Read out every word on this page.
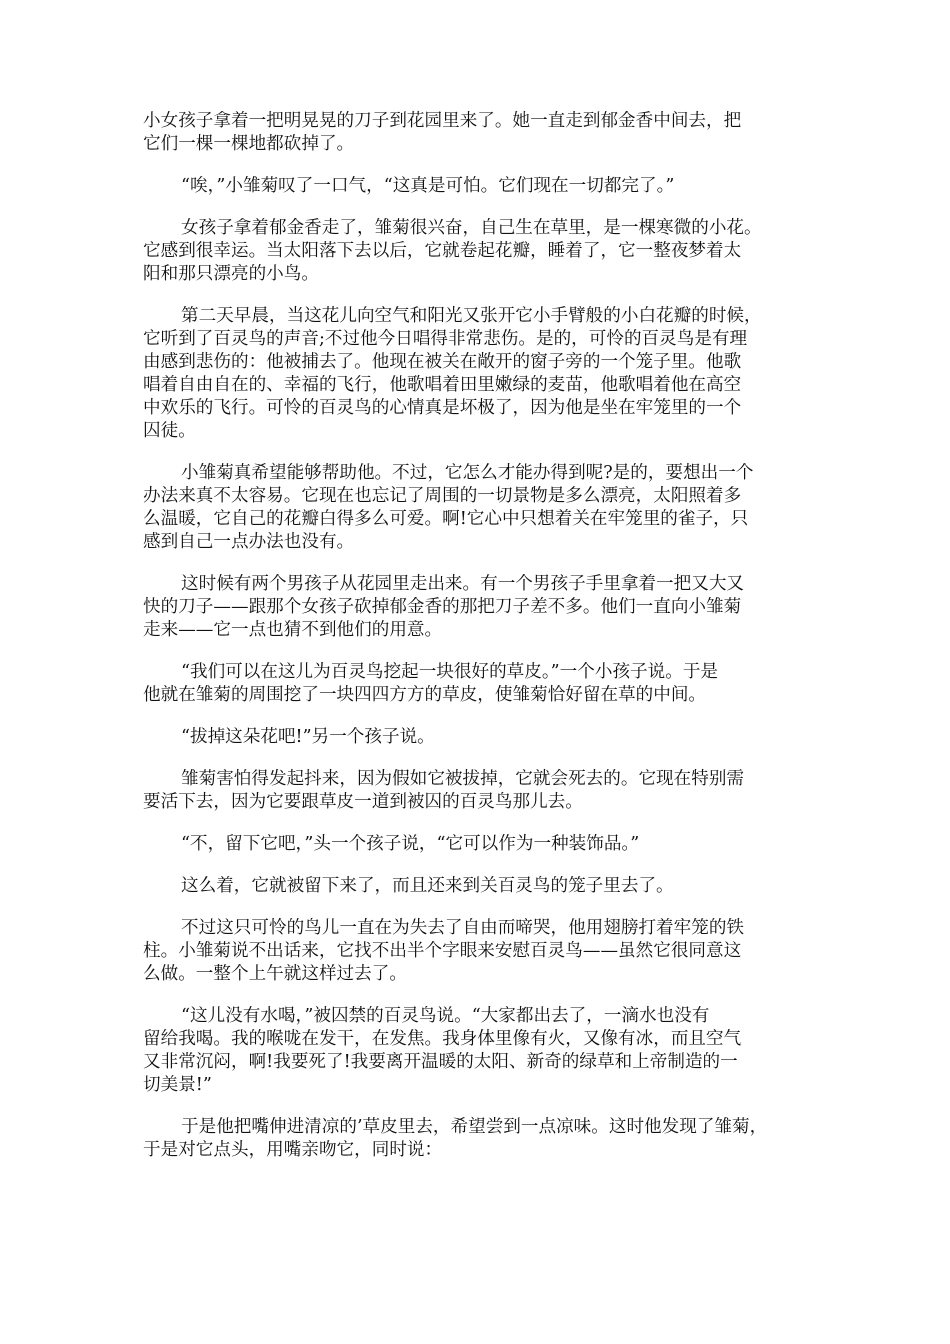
小女孩子拿着一把明晃晃的刀子到花园里来了。她一直走到郁金香中间去，把
它们一棵一棵地都砍掉了。

“唉，”小雏菊叹了一口气，“这真是可怕。它们现在一切都完了。”

女孩子拿着郁金香走了，雏菊很兴奋，自己生在草里，是一棵寒微的小花。
它感到很幸运。当太阳落下去以后，它就卷起花瓣，睡着了，它一整夜梦着太
阳和那只漂亮的小鸟。

第二天早晨，当这花儿向空气和阳光又张开它小手臂般的小白花瓣的时候，
它听到了百灵鸟的声音;不过他今日唱得非常悲伤。是的，可怜的百灵鸟是有理
由感到悲伤的：他被捕去了。他现在被关在敞开的窗子旁的一个笼子里。他歌
唱着自由自在的、幸福的飞行，他歌唱着田里嫩绿的麦苗，他歌唱着他在高空
中欢乐的飞行。可怜的百灵鸟的心情真是坏极了，因为他是坐在牢笼里的一个
囚徒。

小雏菊真希望能够帮助他。不过，它怎么才能办得到呢?是的，要想出一个
办法来真不太容易。它现在也忘记了周围的一切景物是多么漂亮，太阳照着多
么温暖，它自己的花瓣白得多么可爱。啊!它心中只想着关在牢笼里的雀子，只
感到自己一点办法也没有。

这时候有两个男孩子从花园里走出来。有一个男孩子手里拿着一把又大又
快的刀子——跟那个女孩子砍掉郁金香的那把刀子差不多。他们一直向小雏菊
走来——它一点也猜不到他们的用意。

“我们可以在这儿为百灵鸟挖起一块很好的草皮。”一个小孩子说。于是
他就在雏菊的周围挖了一块四四方方的草皮，使雏菊恰好留在草的中间。

“拔掉这朵花吧!”另一个孩子说。

雏菊害怕得发起抖来，因为假如它被拔掉，它就会死去的。它现在特别需
要活下去，因为它要跟草皮一道到被囚的百灵鸟那儿去。

“不，留下它吧，”头一个孩子说，“它可以作为一种装饰品。”

这么着，它就被留下来了，而且还来到关百灵鸟的笼子里去了。

不过这只可怜的鸟儿一直在为失去了自由而啼哭，他用翅膀打着牢笼的铁
柱。小雏菊说不出话来，它找不出半个字眼来安慰百灵鸟——虽然它很同意这
么做。一整个上午就这样过去了。

“这儿没有水喝，”被囚禁的百灵鸟说。“大家都出去了，一滴水也没有
留给我喝。我的喉咙在发干，在发焦。我身体里像有火，又像有冰，而且空气
又非常沉闷，啊!我要死了!我要离开温暖的太阳、新奇的绿草和上帝制造的一
切美景!”

于是他把嘴伸进清凉的’草皮里去，希望尝到一点凉味。这时他发现了雏菊，
于是对它点头，用嘴亲吻它，同时说：
